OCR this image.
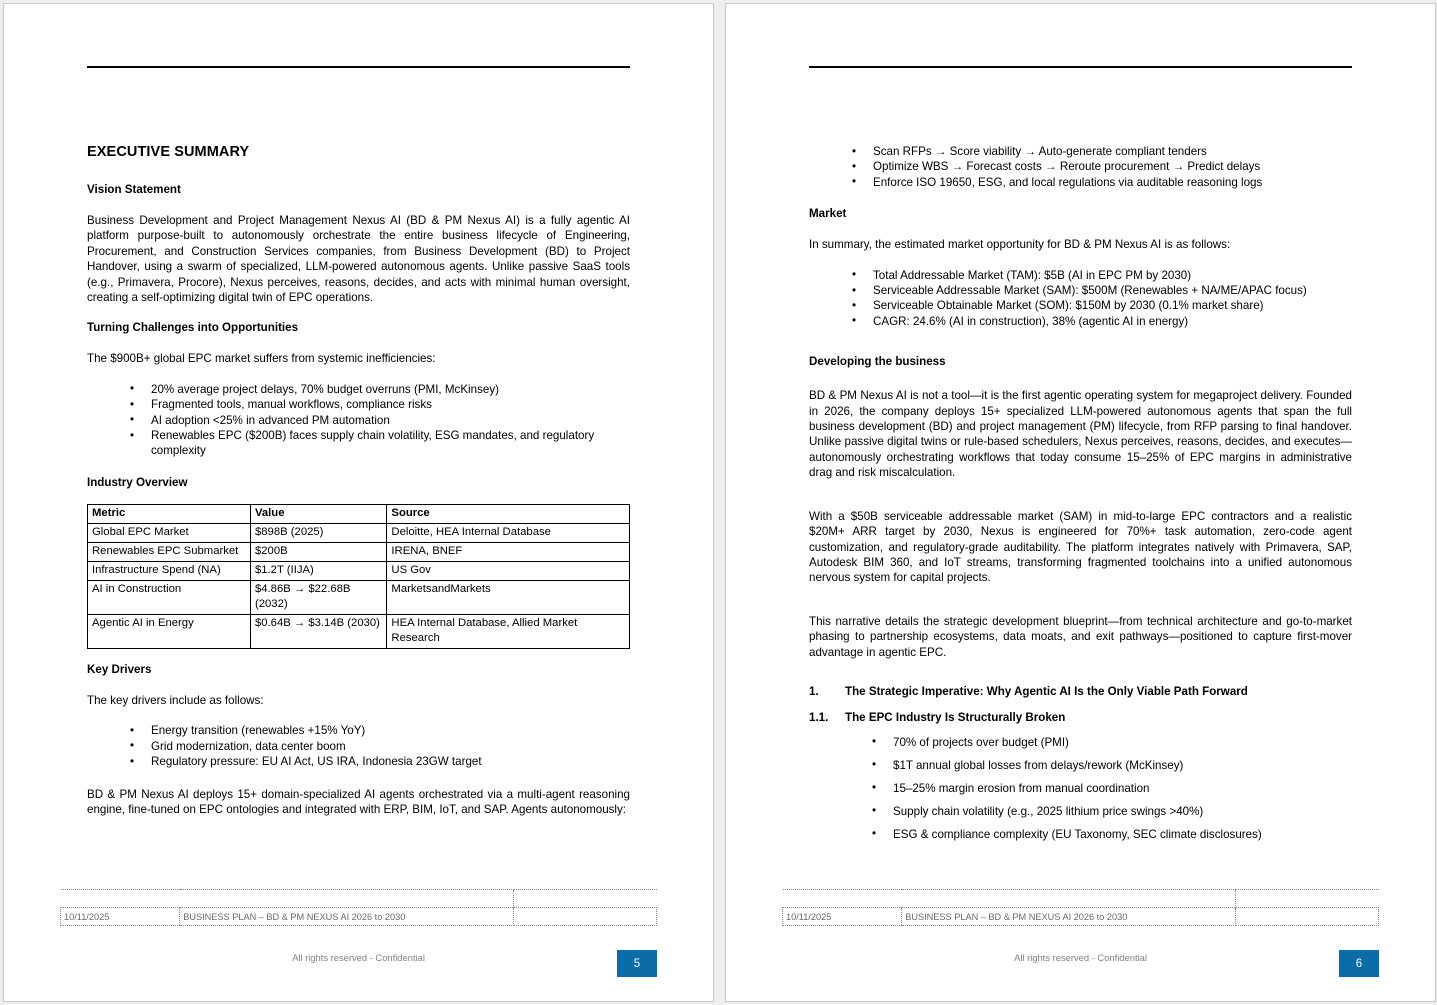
EXECUTIVE SUMMARY
Vision Statement

Business Development and Project Management Nexus AI (BD & PM Nexus AI) is a fully agentic AI platform purpose-built to autonomously orchestrate the entire business lifecycle of Engineering, Procurement, and Construction Services companies, from Business Development (BD) to Project Handover, using a swarm of specialized, LLM-powered autonomous agents. Unlike passive SaaS tools (e.g., Primavera, Procore), Nexus perceives, reasons, decides, and acts with minimal human oversight, creating a self-optimizing digital twin of EPC operations.

Turning Challenges into Opportunities

The $900B+ global EPC market suffers from systemic inefficiencies:

• 20% average project delays, 70% budget overruns (PMI, McKinsey)
• Fragmented tools, manual workflows, compliance risks
• AI adoption <25% in advanced PM automation
• Renewables EPC ($200B) faces supply chain volatility, ESG mandates, and regulatory complexity
Industry Overview
Metric	Value	Source
Global EPC Market	$898B (2025)	Deloitte, HEA Internal Database
Renewables EPC Submarket	$200B	IRENA, BNEF
Infrastructure Spend (NA)	$1.2T (IIJA)	US Gov
AI in Construction	$4.86B → $22.68B (2032)	MarketsandMarkets
Agentic AI in Energy	$0.64B → $3.14B (2030)	HEA Internal Database, Allied Market Research
Key Drivers

The key drivers include as follows:

• Energy transition (renewables +15% YoY)
• Grid modernization, data center boom
• Regulatory pressure: EU AI Act, US IRA, Indonesia 23GW target

BD & PM Nexus AI deploys 15+ domain-specialized AI agents orchestrated via a multi-agent reasoning engine, fine-tuned on EPC ontologies and integrated with ERP, BIM, IoT, and SAP. Agents autonomously:

10/11/2025	BUSINESS PLAN – BD & PM NEXUS AI 2026 to 2030	
All rights reserved - Confidential	5
• Scan RFPs → Score viability → Auto-generate compliant tenders
• Optimize WBS → Forecast costs → Reroute procurement → Predict delays
• Enforce ISO 19650, ESG, and local regulations via auditable reasoning logs
Market

In summary, the estimated market opportunity for BD & PM Nexus AI is as follows:

• Total Addressable Market (TAM): $5B (AI in EPC PM by 2030)
• Serviceable Addressable Market (SAM): $500M (Renewables + NA/ME/APAC focus)
• Serviceable Obtainable Market (SOM): $150M by 2030 (0.1% market share)
• CAGR: 24.6% (AI in construction), 38% (agentic AI in energy)
Developing the business

BD & PM Nexus AI is not a tool—it is the first agentic operating system for megaproject delivery. Founded in 2026, the company deploys 15+ specialized LLM-powered autonomous agents that span the full business development (BD) and project management (PM) lifecycle, from RFP parsing to final handover. Unlike passive digital twins or rule-based schedulers, Nexus perceives, reasons, decides, and executes—autonomously orchestrating workflows that today consume 15–25% of EPC margins in administrative drag and risk miscalculation.

With a $50B serviceable addressable market (SAM) in mid-to-large EPC contractors and a realistic $20M+ ARR target by 2030, Nexus is engineered for 70%+ task automation, zero-code agent customization, and regulatory-grade auditability. The platform integrates natively with Primavera, SAP, Autodesk BIM 360, and IoT streams, transforming fragmented toolchains into a unified autonomous nervous system for capital projects.

This narrative details the strategic development blueprint—from technical architecture and go-to-market phasing to partnership ecosystems, data moats, and exit pathways—positioned to capture first-mover advantage in agentic EPC.

1.	The Strategic Imperative: Why Agentic AI Is the Only Viable Path Forward
1.1.	The EPC Industry Is Structurally Broken
• 70% of projects over budget (PMI)
• $1T annual global losses from delays/rework (McKinsey)
• 15–25% margin erosion from manual coordination
• Supply chain volatility (e.g., 2025 lithium price swings >40%)
• ESG & compliance complexity (EU Taxonomy, SEC climate disclosures)

10/11/2025	BUSINESS PLAN – BD & PM NEXUS AI 2026 to 2030	
All rights reserved - Confidential	6
